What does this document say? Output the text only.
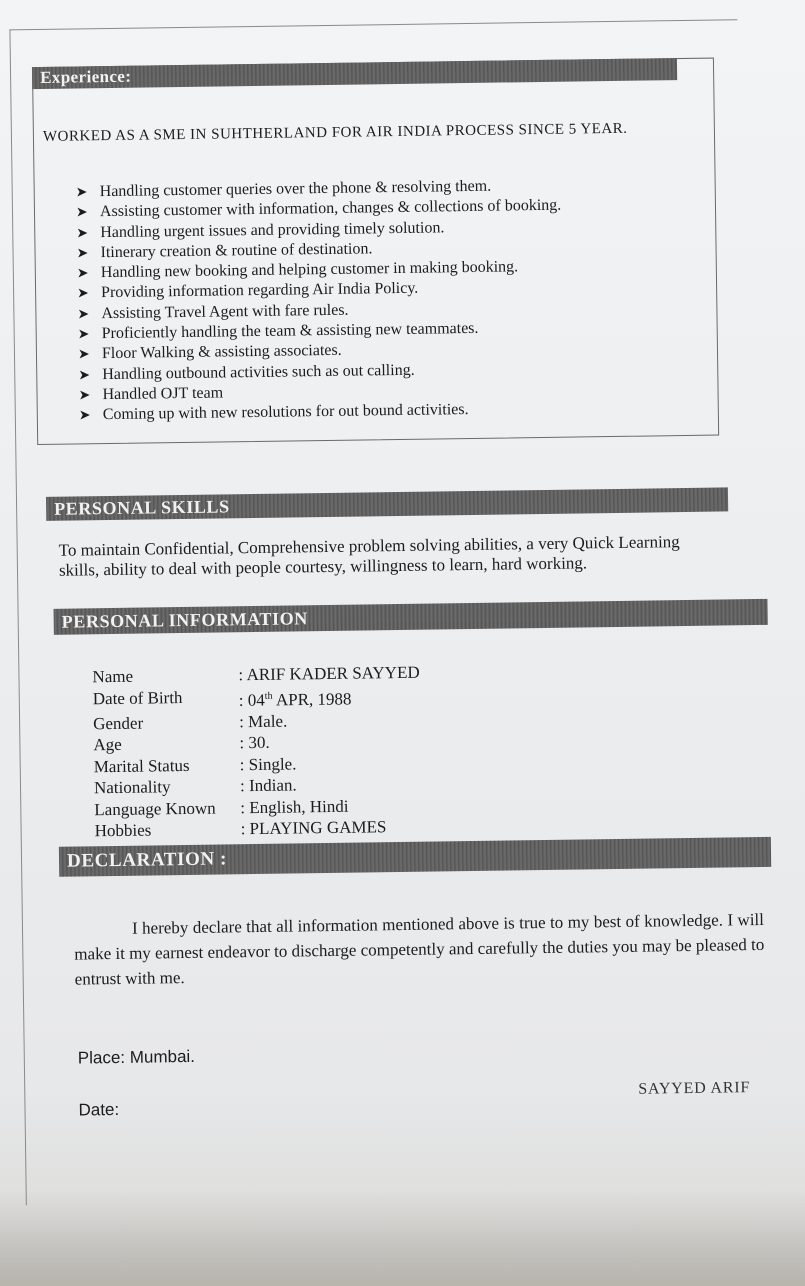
Experience:
WORKED AS A SME IN SUHTHERLAND FOR AIR INDIA PROCESS SINCE 5 YEAR.
➤ Handling customer queries over the phone & resolving them.
➤ Assisting customer with information, changes & collections of booking.
➤ Handling urgent issues and providing timely solution.
➤ Itinerary creation & routine of destination.
➤ Handling new booking and helping customer in making booking.
➤ Providing information regarding Air India Policy.
➤ Assisting Travel Agent with fare rules.
➤ Proficiently handling the team & assisting new teammates.
➤ Floor Walking & assisting associates.
➤ Handling outbound activities such as out calling.
➤ Handled OJT team
➤ Coming up with new resolutions for out bound activities.
PERSONAL SKILLS
To maintain Confidential, Comprehensive problem solving abilities, a very Quick Learning skills, ability to deal with people courtesy, willingness to learn, hard working.
PERSONAL INFORMATION
Name	: ARIF KADER SAYYED
Date of Birth	: 04th APR, 1988
Gender	: Male.
Age	: 30.
Marital Status	: Single.
Nationality	: Indian.
Language Known	: English, Hindi
Hobbies	: PLAYING GAMES
DECLARATION :
I hereby declare that all information mentioned above is true to my best of knowledge. I will make it my earnest endeavor to discharge competently and carefully the duties you may be pleased to entrust with me.
Place: Mumbai.
Date:
SAYYED ARIF
